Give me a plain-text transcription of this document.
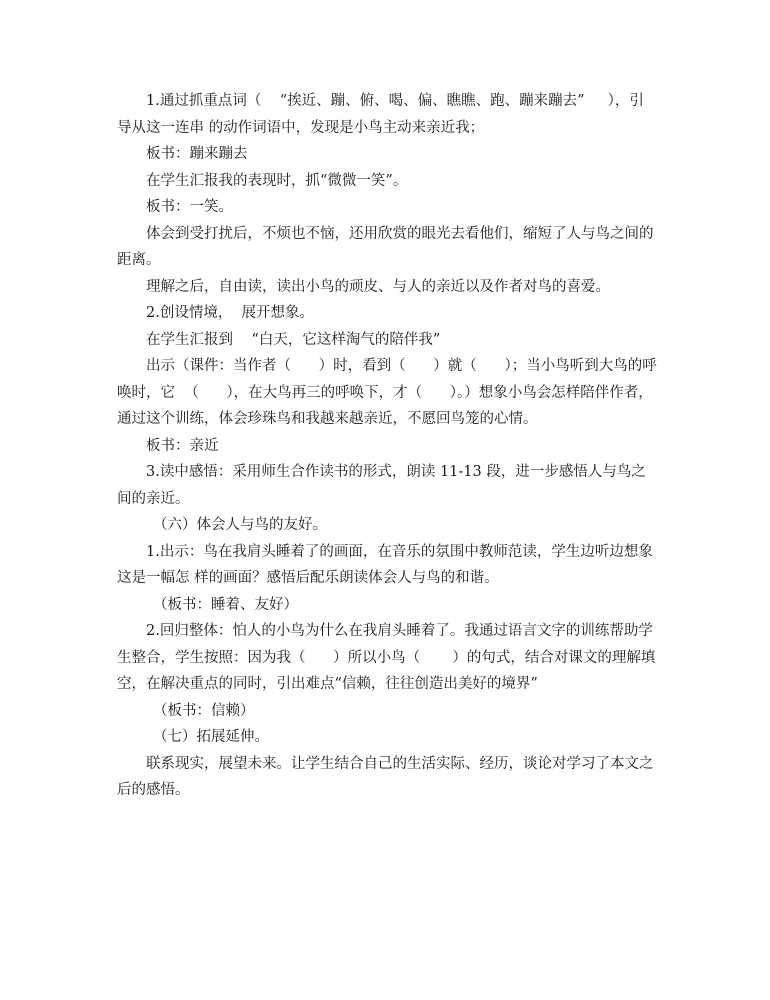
1.通过抓重点词（    “挨近、蹦、俯、喝、偏、瞧瞧、跑、蹦来蹦去”     ），引导从这一连串 的动作词语中，发现是小鸟主动来亲近我；

板书：蹦来蹦去

在学生汇报我的表现时，抓“微微一笑”。

板书：一笑。

体会到受打扰后，不烦也不恼，还用欣赏的眼光去看他们，缩短了人与鸟之间的距离。

理解之后，自由读，读出小鸟的顽皮、与人的亲近以及作者对鸟的喜爱。

2.创设情境，  展开想象。

在学生汇报到    “白天，它这样淘气的陪伴我”

出示（课件：当作者（      ）时，看到（      ）就（      ）；当小鸟听到大鸟的呼唤时，它  （      ），在大鸟再三的呼唤下，才（      ）。）想象小鸟会怎样陪伴作者，通过这个训练，体会珍珠鸟和我越来越亲近，不愿回鸟笼的心情。

板书：亲近

3.读中感悟：采用师生合作读书的形式，朗读 11-13 段，进一步感悟人与鸟之间的亲近。

（六）体会人与鸟的友好。

1.出示：鸟在我肩头睡着了的画面，在音乐的氛围中教师范读，学生边听边想象这是一幅怎 样的画面？感悟后配乐朗读体会人与鸟的和谐。

（板书：睡着、友好）

2.回归整体：怕人的小鸟为什么在我肩头睡着了。我通过语言文字的训练帮助学生整合，学生按照：因为我（      ）所以小鸟（       ）的句式，结合对课文的理解填空，在解决重点的同时，引出难点“信赖，往往创造出美好的境界”

（板书：信赖）

（七）拓展延伸。

联系现实，展望未来。让学生结合自己的生活实际、经历，谈论对学习了本文之后的感悟。
